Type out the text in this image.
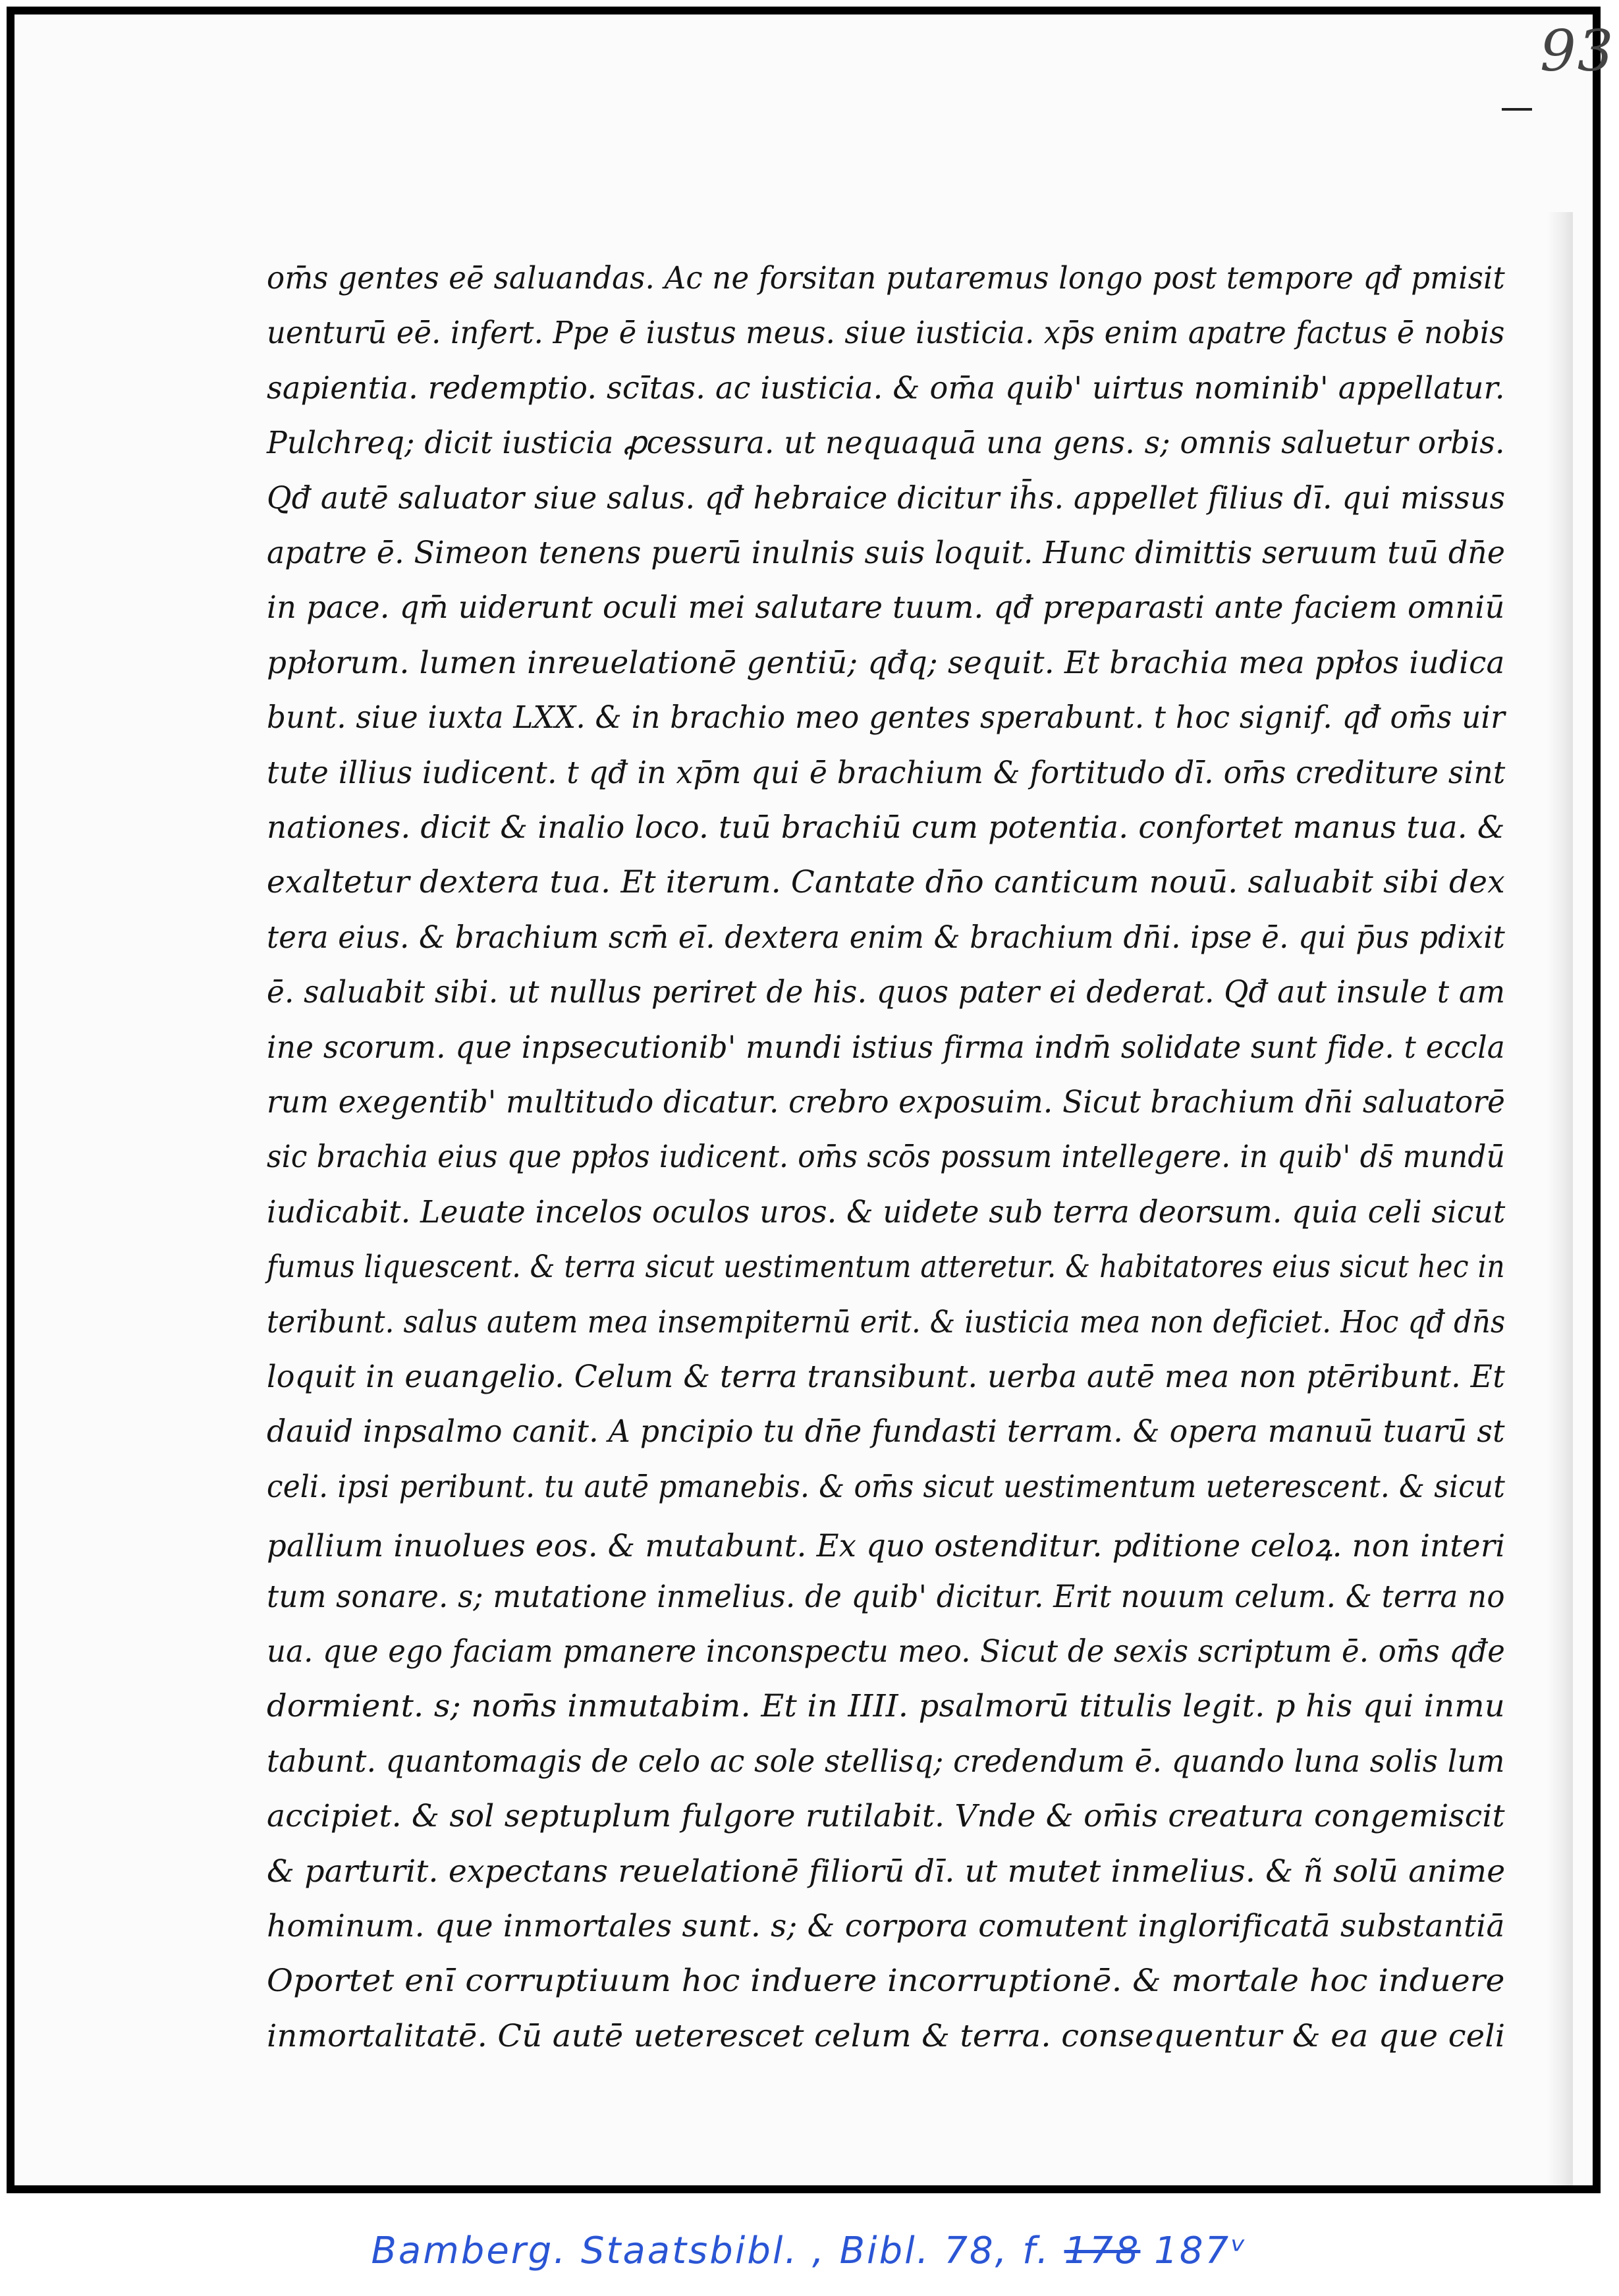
93
om̄s gentes eē saluandas. Ac ne forsitan putaremus longo post tempore qđ pmisit
uenturū eē. infert. Ppe ē iustus meus. siue iusticia. xp̄s enim apatre factus ē nobis
sapientia. redemptio. scītas. ac iusticia. & om̄a quib' uirtus nominib' appellatur.
Pulchreq; dicit iusticia ꝓcessura. ut nequaquā una gens. s; omnis saluetur orbis.
Qđ autē saluator siue salus. qđ hebraice dicitur ih̄s. appellet filius dī. qui missus
apatre ē. Simeon tenens puerū inulnis suis loquit. Hunc dimittis seruum tuū dn̄e
in pace. qm̄ uiderunt oculi mei salutare tuum. qđ preparasti ante faciem omniū
ppłorum. lumen inreuelationē gentiū; qđq; sequit. Et brachia mea ppłos iudica
bunt. siue iuxta LXX. & in brachio meo gentes sperabunt. t hoc signif. qđ om̄s uir
tute illius iudicent. t qđ in xp̄m qui ē brachium & fortitudo dī. om̄s crediture sint
nationes. dicit & inalio loco. tuū brachiū cum potentia. confortet manus tua. &
exaltetur dextera tua. Et iterum. Cantate dn̄o canticum nouū. saluabit sibi dex
tera eius. & brachium scm̄ eī. dextera enim & brachium dn̄i. ipse ē. qui p̄us pdixit
ē. saluabit sibi. ut nullus periret de his. quos pater ei dederat. Qđ aut insule t am
ine scorum. que inpsecutionib' mundi istius firma indm̄ solidate sunt fide. t eccla
rum exegentib' multitudo dicatur. crebro exposuim. Sicut brachium dn̄i saluatorē
sic brachia eius que ppłos iudicent. om̄s scōs possum intellegere. in quib' ds̄ mundū
iudicabit. Leuate incelos oculos uros. & uidete sub terra deorsum. quia celi sicut
fumus liquescent. & terra sicut uestimentum atteretur. & habitatores eius sicut hec in
teribunt. salus autem mea insempiternū erit. & iusticia mea non deficiet. Hoc qđ dn̄s
loquit in euangelio. Celum & terra transibunt. uerba autē mea non ptēribunt. Et
dauid inpsalmo canit. A pncipio tu dn̄e fundasti terram. & opera manuū tuarū st
celi. ipsi peribunt. tu autē pmanebis. & om̄s sicut uestimentum ueterescent. & sicut
pallium inuolues eos. & mutabunt. Ex quo ostenditur. pditione celoꝝ. non interi
tum sonare. s; mutatione inmelius. de quib' dicitur. Erit nouum celum. & terra no
ua. que ego faciam pmanere inconspectu meo. Sicut de sexis scriptum ē. om̄s qđe
dormient. s; nom̄s inmutabim. Et in IIII. psalmorū titulis legit. p his qui inmu
tabunt. quantomagis de celo ac sole stellisq; credendum ē. quando luna solis lum
accipiet. & sol septuplum fulgore rutilabit. Vnde & om̄is creatura congemiscit
& parturit. expectans reuelationē filiorū dī. ut mutet inmelius. & ñ solū anime
hominum. que inmortales sunt. s; & corpora comutent inglorificatā substantiā
Oportet enī corruptiuum hoc induere incorruptionē. & mortale hoc induere
inmortalitatē. Cū autē ueterescet celum & terra. consequentur & ea que celi
Bamberg. Staatsbibl. , Bibl. 78, f. 178 187ᵛ
